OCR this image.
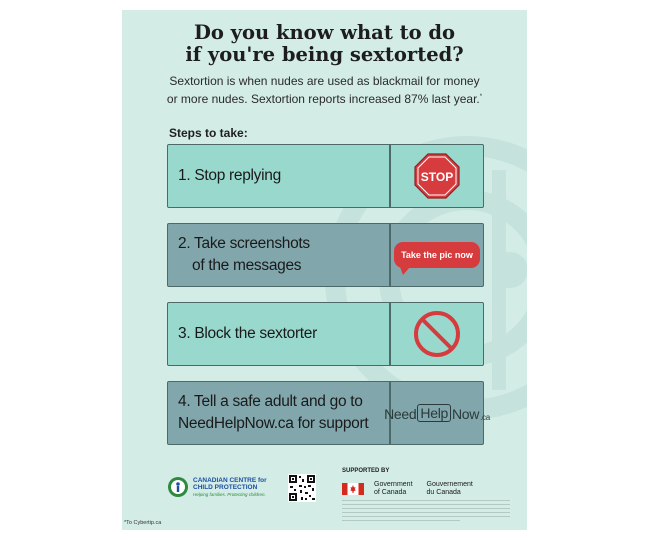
Do you know what to do
if you're being sextorted?
Sextortion is when nudes are used as blackmail for money
or more nudes. Sextortion reports increased 87% last year.*
Steps to take:
1. Stop replying	STOP
2. Take screenshots
of the messages
Take the pic now
3. Block the sextorter
4. Tell a safe adult and go to
NeedHelpNow.ca for support
Need Help Now .ca
CANADIAN CENTRE for
CHILD PROTECTION
Helping families. Protecting children.
SUPPORTED BY
Government
of Canada
Gouvernement
du Canada
*To Cybertip.ca
